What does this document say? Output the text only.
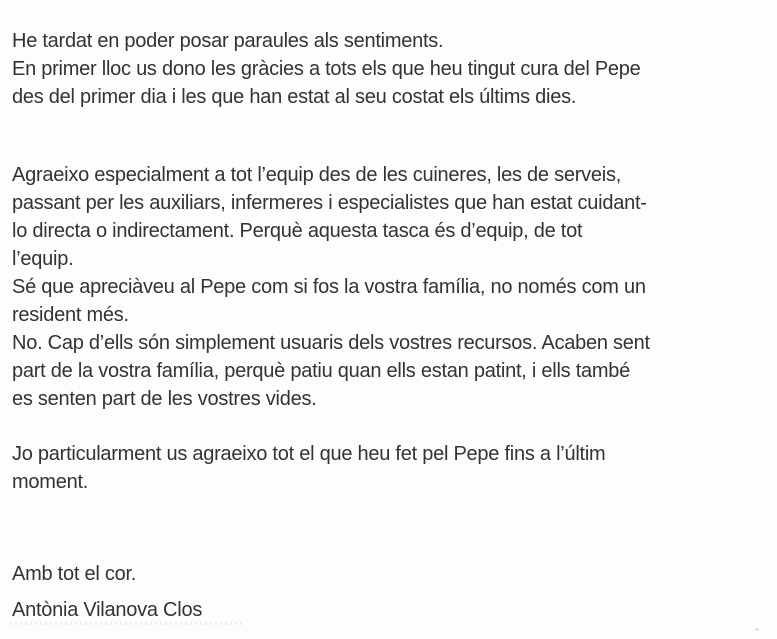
He tardat en poder posar paraules als sentiments.
En primer lloc us dono les gràcies a tots els que heu tingut cura del Pepe
des del primer dia i les que han estat al seu costat els últims dies.
Agraeixo especialment a tot l’equip des de les cuineres, les de serveis,
passant per les auxiliars, infermeres i especialistes que han estat cuidant-
lo directa o indirectament. Perquè aquesta tasca és d’equip, de tot
l’equip.
Sé que apreciàveu al Pepe com si fos la vostra família, no només com un
resident més.
No. Cap d’ells són simplement usuaris dels vostres recursos. Acaben sent
part de la vostra família, perquè patiu quan ells estan patint, i ells també
es senten part de les vostres vides.
Jo particularment us agraeixo tot el que heu fet pel Pepe fins a l’últim
moment.
Amb tot el cor.
Antònia Vilanova Clos
